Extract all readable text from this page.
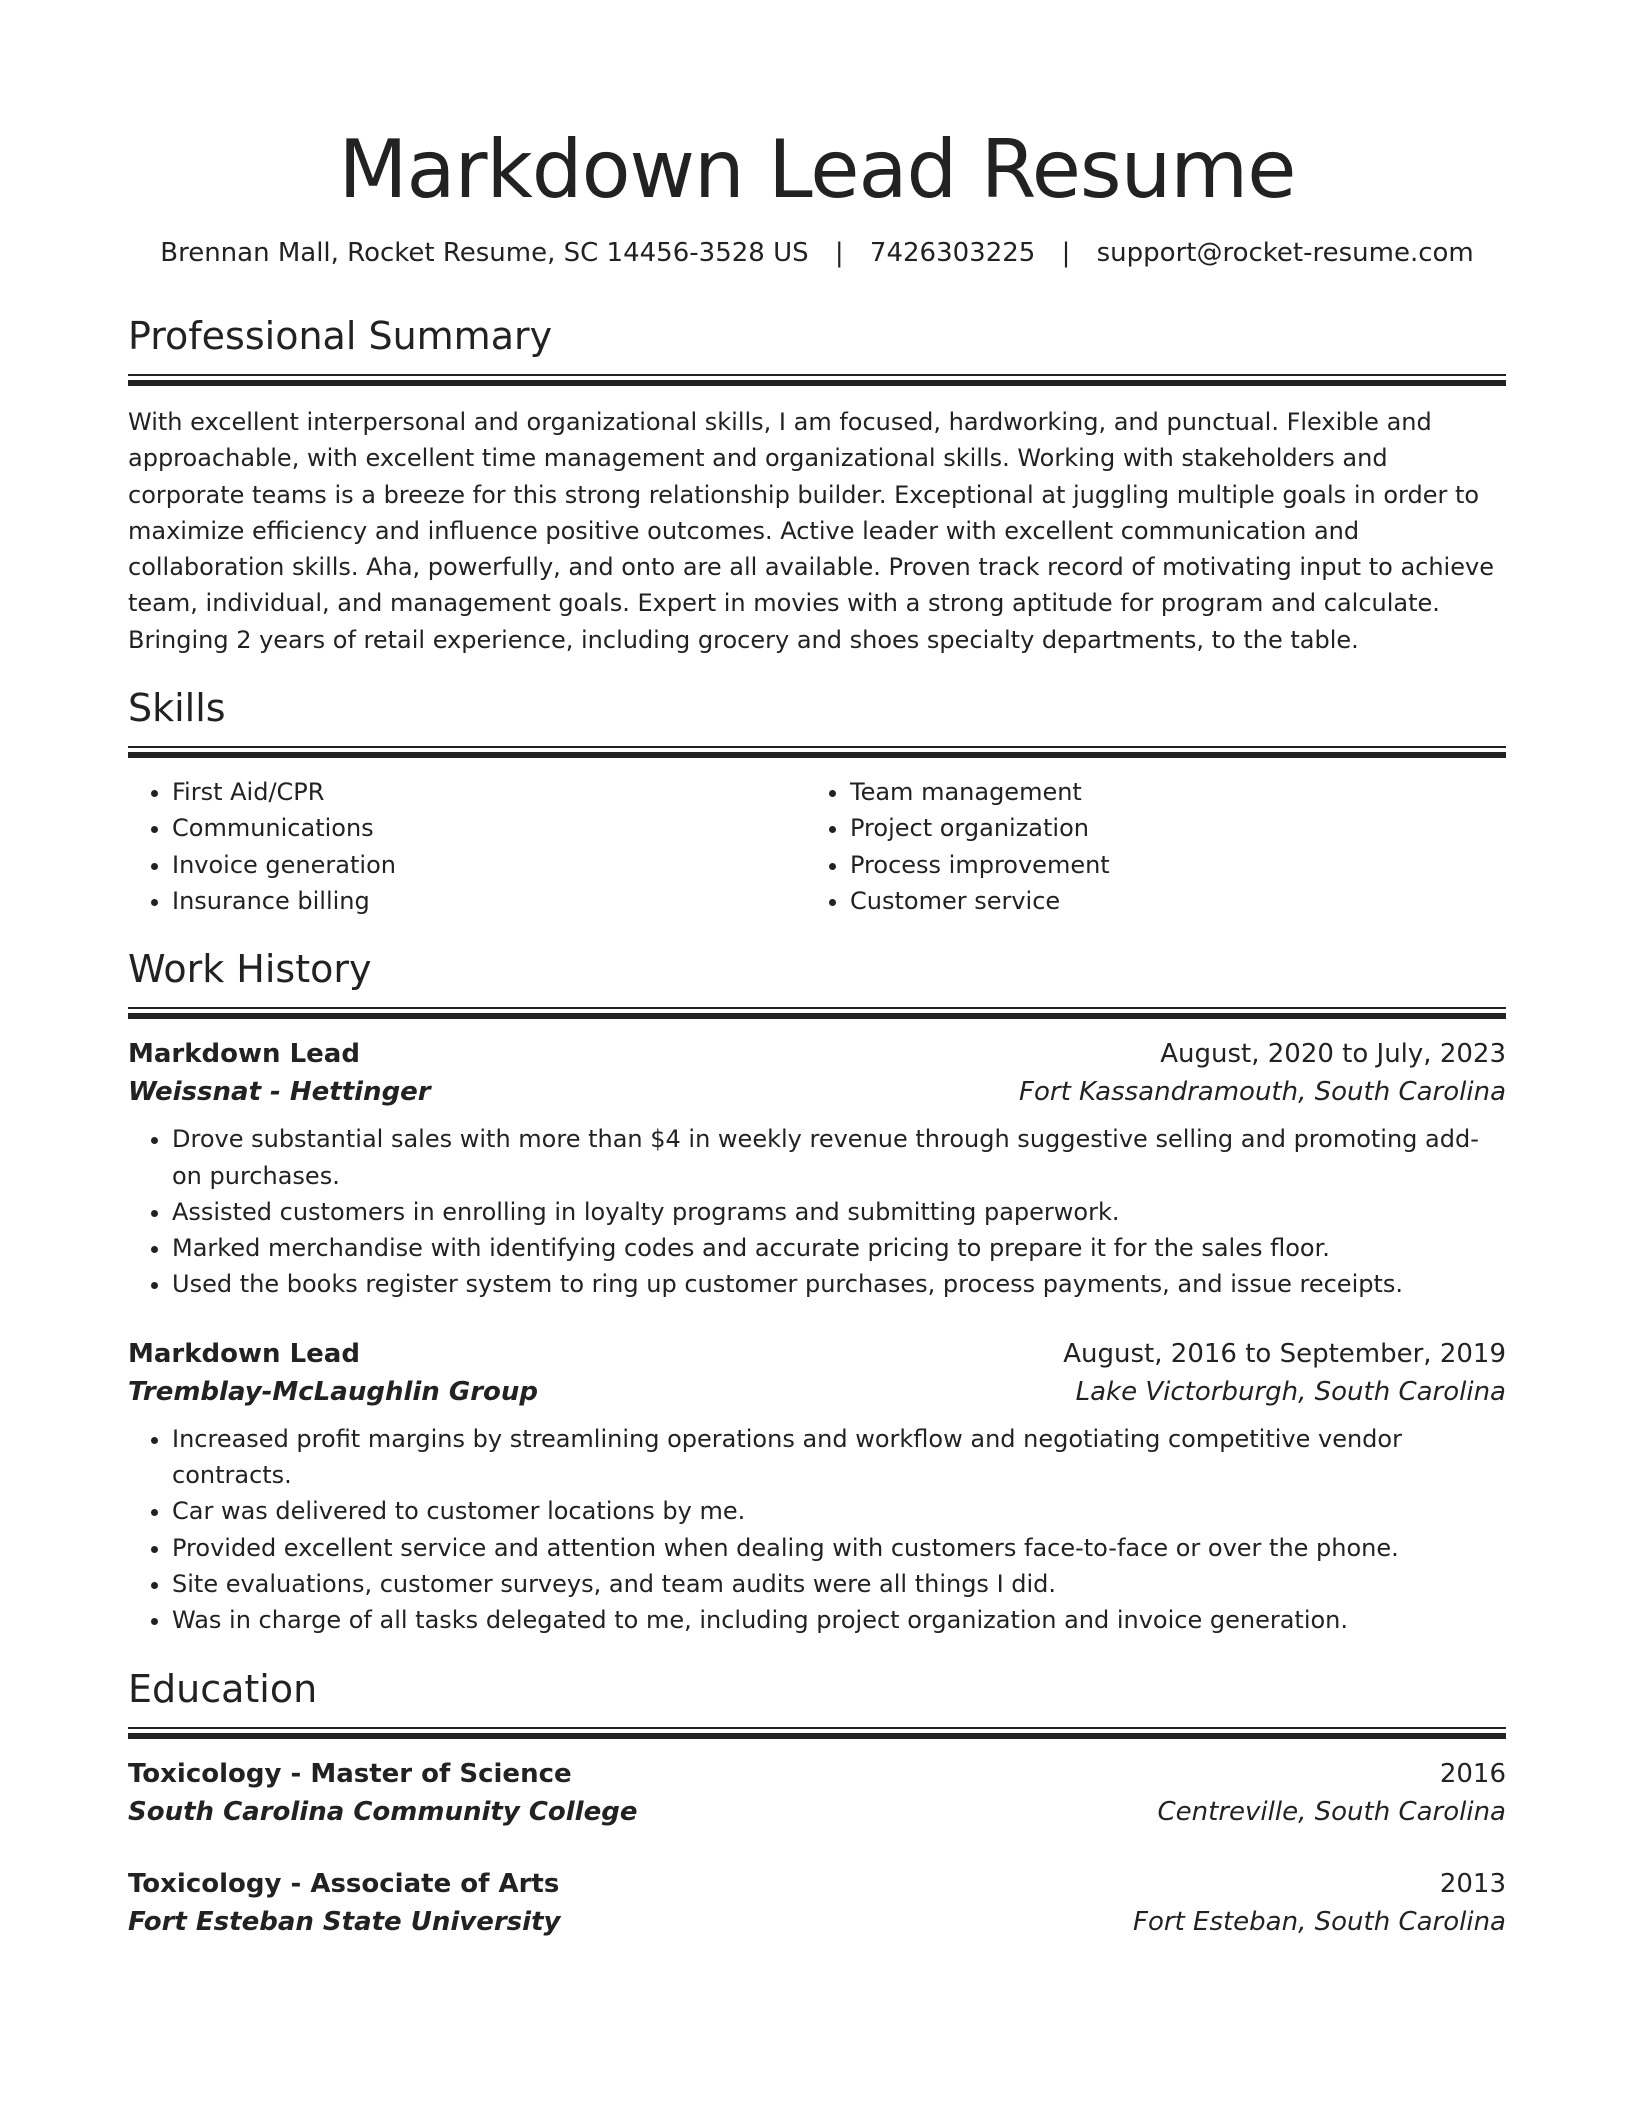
Markdown Lead Resume
Brennan Mall, Rocket Resume, SC 14456-3528 US | 7426303225 | support@rocket-resume.com
Professional Summary

With excellent interpersonal and organizational skills, I am focused, hardworking, and punctual. Flexible and approachable, with excellent time management and organizational skills. Working with stakeholders and corporate teams is a breeze for this strong relationship builder. Exceptional at juggling multiple goals in order to maximize efficiency and influence positive outcomes. Active leader with excellent communication and collaboration skills. Aha, powerfully, and onto are all available. Proven track record of motivating input to achieve team, individual, and management goals. Expert in movies with a strong aptitude for program and calculate. Bringing 2 years of retail experience, including grocery and shoes specialty departments, to the table.

Skills
• First Aid/CPR
• Communications
• Invoice generation
• Insurance billing
• Team management
• Project organization
• Process improvement
• Customer service
Work History
Markdown Lead	August, 2020 to July, 2023
Weissnat - Hettinger	Fort Kassandramouth, South Carolina
• Drove substantial sales with more than $4 in weekly revenue through suggestive selling and promoting add-on purchases.
• Assisted customers in enrolling in loyalty programs and submitting paperwork.
• Marked merchandise with identifying codes and accurate pricing to prepare it for the sales floor.
• Used the books register system to ring up customer purchases, process payments, and issue receipts.
Markdown Lead	August, 2016 to September, 2019
Tremblay-McLaughlin Group	Lake Victorburgh, South Carolina
• Increased profit margins by streamlining operations and workflow and negotiating competitive vendor contracts.
• Car was delivered to customer locations by me.
• Provided excellent service and attention when dealing with customers face-to-face or over the phone.
• Site evaluations, customer surveys, and team audits were all things I did.
• Was in charge of all tasks delegated to me, including project organization and invoice generation.
Education
Toxicology - Master of Science	2016
South Carolina Community College	Centreville, South Carolina
Toxicology - Associate of Arts	2013
Fort Esteban State University	Fort Esteban, South Carolina
